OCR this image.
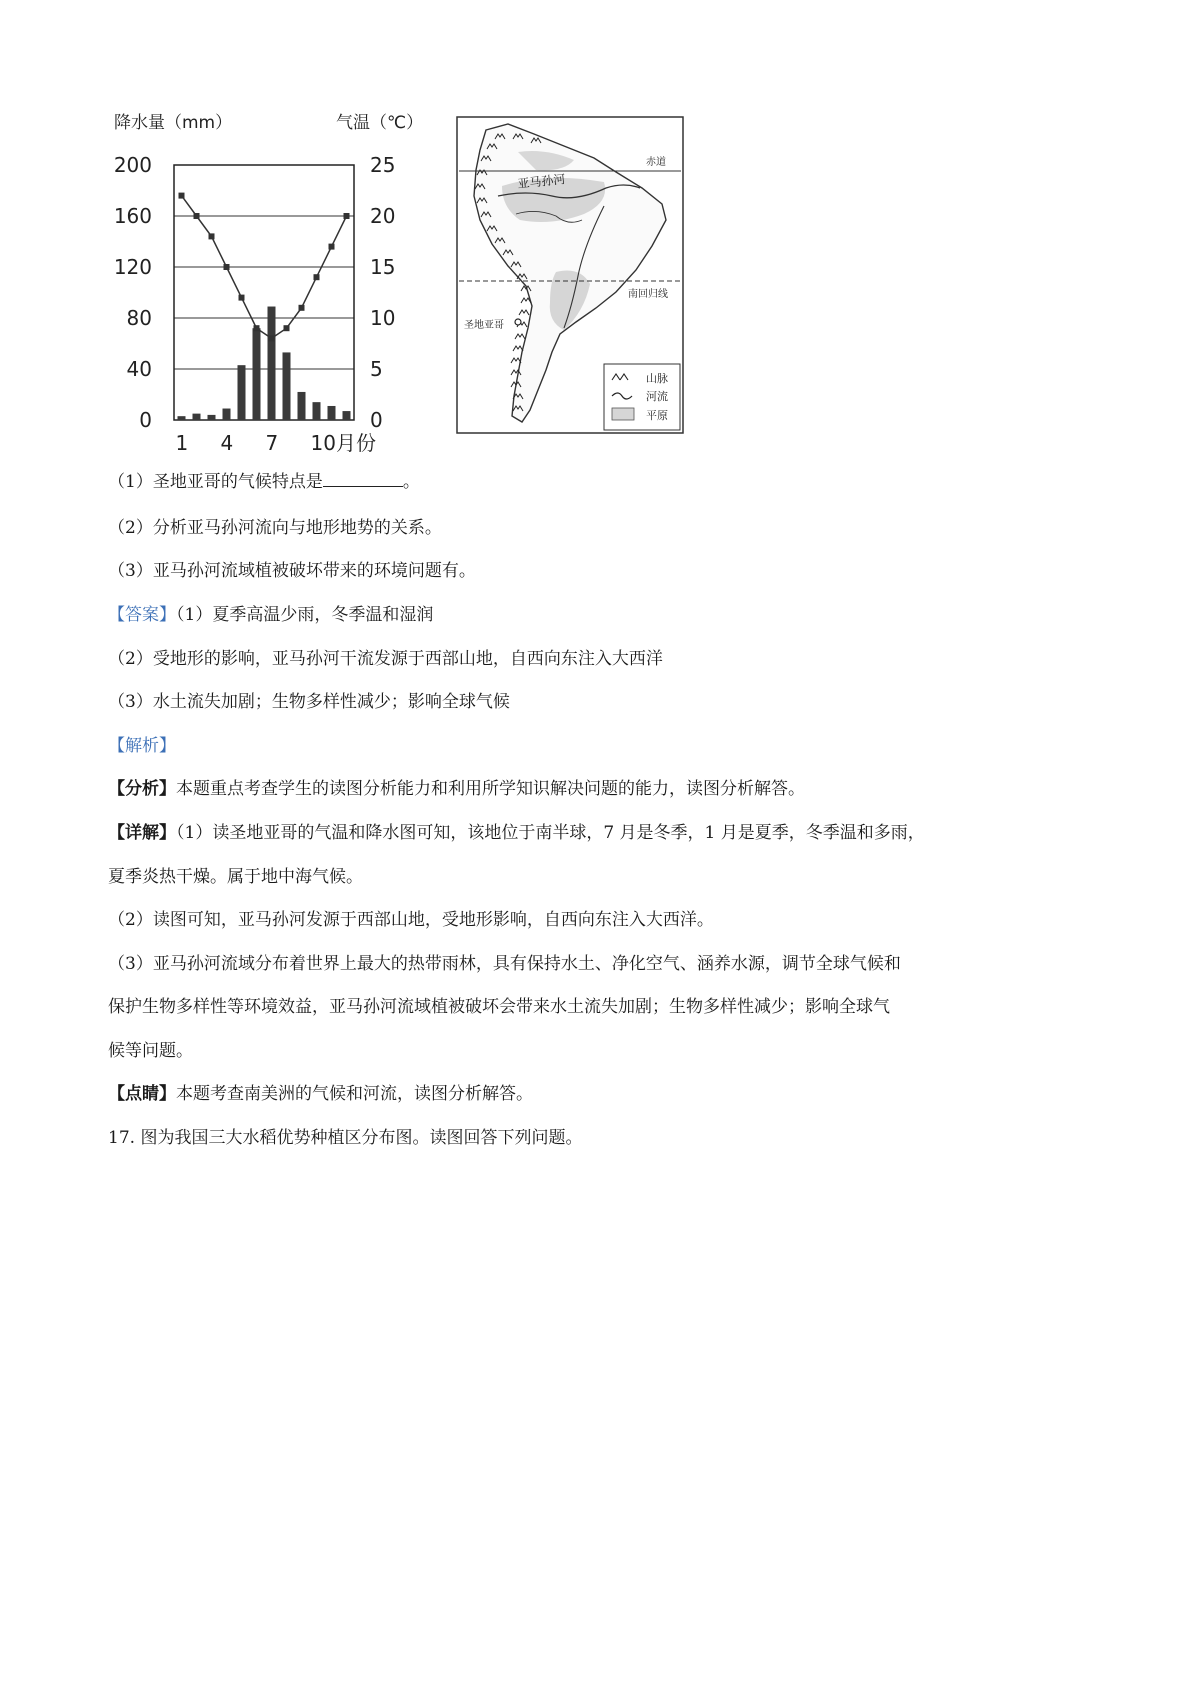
降水量（mm）	气温（℃）
200
160
120
80
40
0
25
20
15
10
5
0
1 4 7 10月份
赤道
南回归线
圣地亚哥
亚马孙河
山脉
河流
平原
（1）圣地亚哥的气候特点是	。
（2）分析亚马孙河流向与地形地势的关系。
（3）亚马孙河流域植被破坏带来的环境问题有。
【答案】（1）夏季高温少雨，冬季温和湿润
（2）受地形的影响，亚马孙河干流发源于西部山地，自西向东注入大西洋
（3）水土流失加剧；生物多样性减少；影响全球气候
【解析】
【分析】本题重点考查学生的读图分析能力和利用所学知识解决问题的能力，读图分析解答。
【详解】（1）读圣地亚哥的气温和降水图可知，该地位于南半球，7 月是冬季，1 月是夏季，冬季温和多雨，
夏季炎热干燥。属于地中海气候。
（2）读图可知，亚马孙河发源于西部山地，受地形影响，自西向东注入大西洋。
（3）亚马孙河流域分布着世界上最大的热带雨林，具有保持水土、净化空气、涵养水源，调节全球气候和
保护生物多样性等环境效益，亚马孙河流域植被破坏会带来水土流失加剧；生物多样性减少；影响全球气
候等问题。
【点睛】本题考查南美洲的气候和河流，读图分析解答。
17. 图为我国三大水稻优势种植区分布图。读图回答下列问题。
